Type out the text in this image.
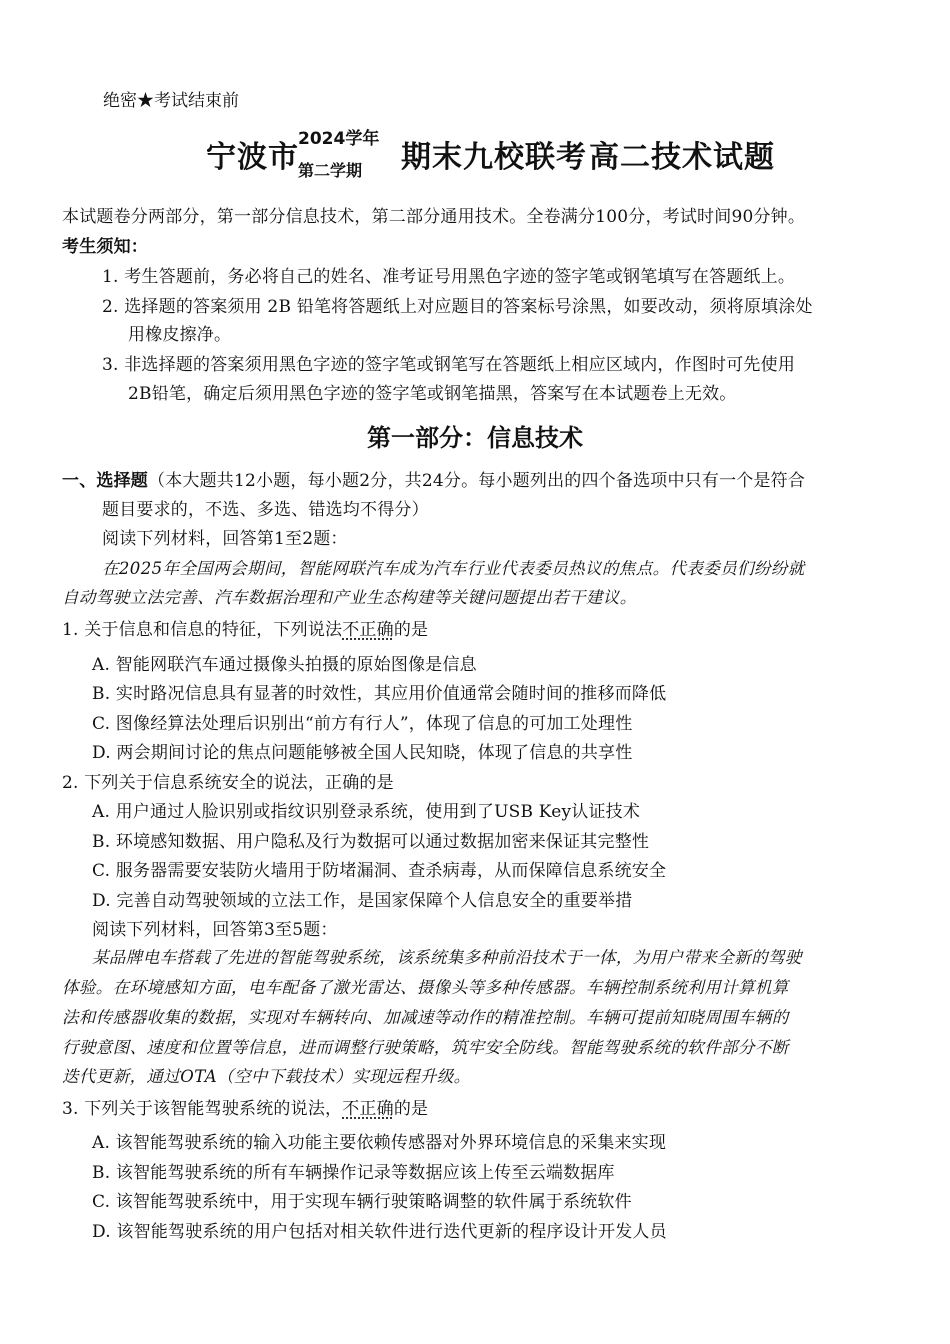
绝密★考试结束前
宁波市
2024学年
第二学期 期末九校联考 高二技术试题
本试题卷分两部分，第一部分信息技术，第二部分通用技术。全卷满分100分，考试时间90分钟。
考生须知：
1. 考生答题前，务必将自己的姓名、准考证号用黑色字迹的签字笔或钢笔填写在答题纸上。
2. 选择题的答案须用 2B 铅笔将答题纸上对应题目的答案标号涂黑，如要改动，须将原填涂处
用橡皮擦净。
3. 非选择题的答案须用黑色字迹的签字笔或钢笔写在答题纸上相应区域内，作图时可先使用
2B铅笔，确定后须用黑色字迹的签字笔或钢笔描黑，答案写在本试题卷上无效。
第一部分：信息技术
一、选择题（本大题共12小题，每小题2分，共24分。每小题列出的四个备选项中只有一个是符合
题目要求的，不选、多选、错选均不得分）
阅读下列材料，回答第1至2题：
在2025年全国两会期间，智能网联汽车成为汽车行业代表委员热议的焦点。代表委员们纷纷就
自动驾驶立法完善、汽车数据治理和产业生态构建等关键问题提出若干建议。
1. 关于信息和信息的特征，下列说法不正确的是
A. 智能网联汽车通过摄像头拍摄的原始图像是信息
B. 实时路况信息具有显著的时效性，其应用价值通常会随时间的推移而降低
C. 图像经算法处理后识别出“前方有行人”，体现了信息的可加工处理性
D. 两会期间讨论的焦点问题能够被全国人民知晓，体现了信息的共享性
2. 下列关于信息系统安全的说法，正确的是
A. 用户通过人脸识别或指纹识别登录系统，使用到了USB Key认证技术
B. 环境感知数据、用户隐私及行为数据可以通过数据加密来保证其完整性
C. 服务器需要安装防火墙用于防堵漏洞、查杀病毒，从而保障信息系统安全
D. 完善自动驾驶领域的立法工作，是国家保障个人信息安全的重要举措
阅读下列材料，回答第3至5题：
某品牌电车搭载了先进的智能驾驶系统，该系统集多种前沿技术于一体，为用户带来全新的驾驶
体验。在环境感知方面，电车配备了激光雷达、摄像头等多种传感器。车辆控制系统利用计算机算
法和传感器收集的数据，实现对车辆转向、加减速等动作的精准控制。车辆可提前知晓周围车辆的
行驶意图、速度和位置等信息，进而调整行驶策略，筑牢安全防线。智能驾驶系统的软件部分不断
迭代更新，通过OTA（空中下载技术）实现远程升级。
3. 下列关于该智能驾驶系统的说法，不正确的是
A. 该智能驾驶系统的输入功能主要依赖传感器对外界环境信息的采集来实现
B. 该智能驾驶系统的所有车辆操作记录等数据应该上传至云端数据库
C. 该智能驾驶系统中，用于实现车辆行驶策略调整的软件属于系统软件
D. 该智能驾驶系统的用户包括对相关软件进行迭代更新的程序设计开发人员
